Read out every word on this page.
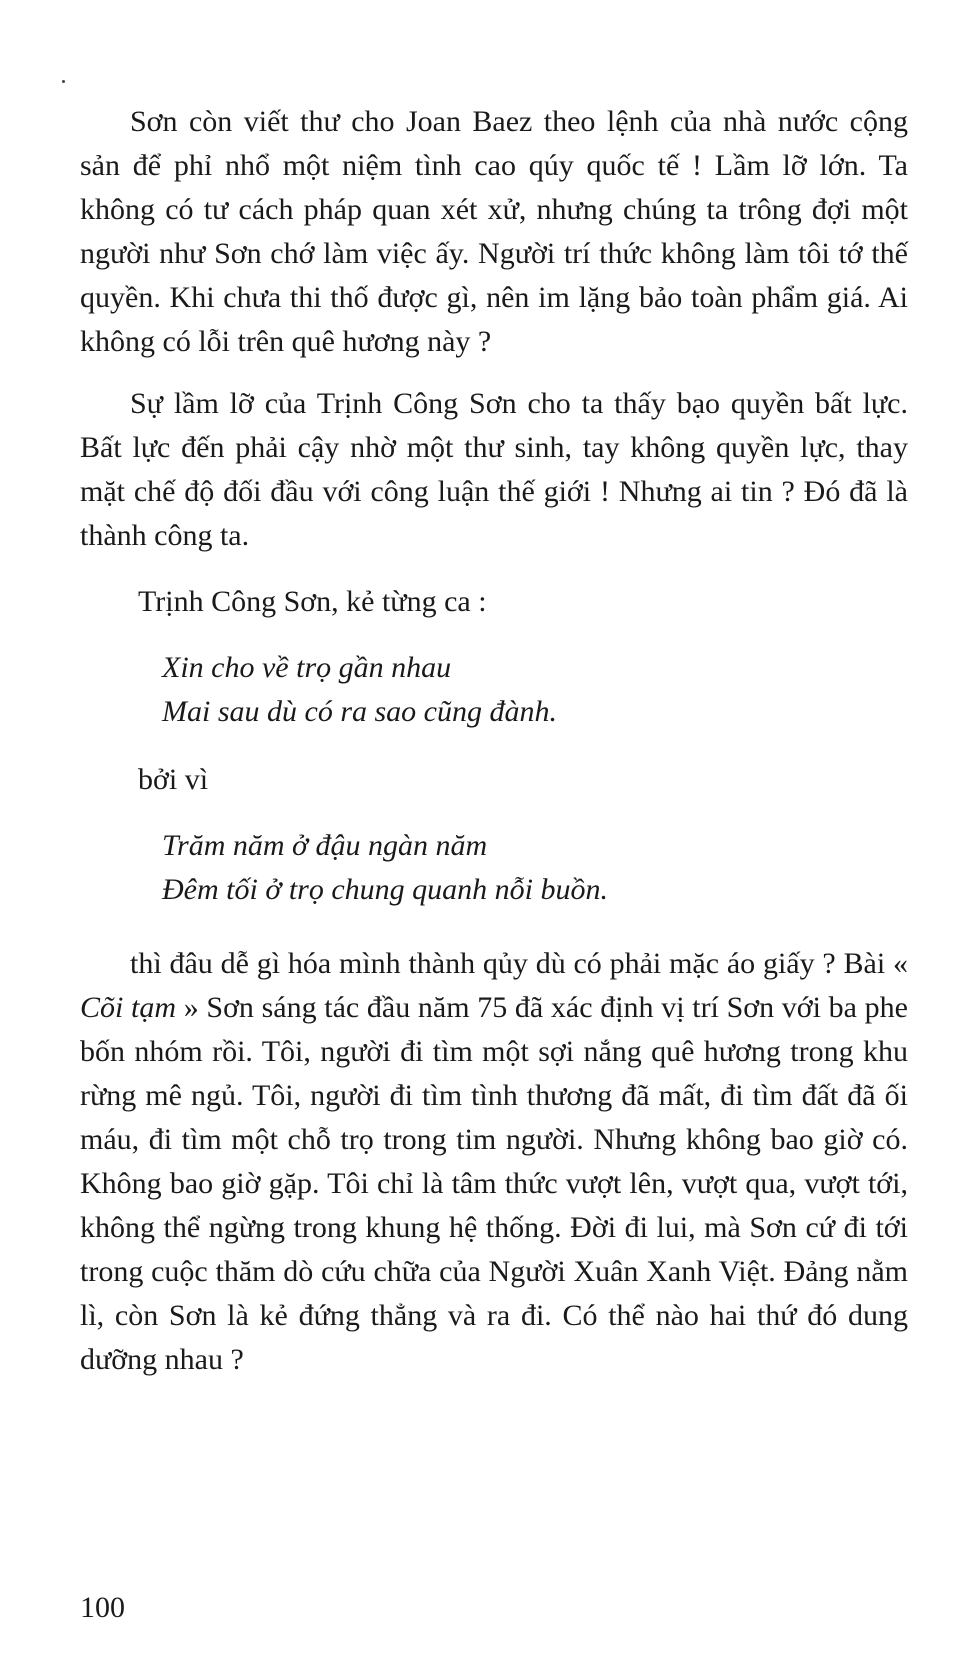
Sơn còn viết thư cho Joan Baez theo lệnh của nhà nước cộng sản để phỉ nhổ một niệm tình cao qúy quốc tế ! Lầm lỡ lớn. Ta không có tư cách pháp quan xét xử, nhưng chúng ta trông đợi một người như Sơn chớ làm việc ấy. Người trí thức không làm tôi tớ thế quyền. Khi chưa thi thố được gì, nên im lặng bảo toàn phẩm giá. Ai không có lỗi trên quê hương này ?

Sự lầm lỡ của Trịnh Công Sơn cho ta thấy bạo quyền bất lực. Bất lực đến phải cậy nhờ một thư sinh, tay không quyền lực, thay mặt chế độ đối đầu với công luận thế giới ! Nhưng ai tin ? Đó đã là thành công ta.

Trịnh Công Sơn, kẻ từng ca :
Xin cho về trọ gần nhau
Mai sau dù có ra sao cũng đành.
bởi vì
Trăm năm ở đậu ngàn năm
Đêm tối ở trọ chung quanh nỗi buồn.

thì đâu dễ gì hóa mình thành qủy dù có phải mặc áo giấy ? Bài « Cõi tạm » Sơn sáng tác đầu năm 75 đã xác định vị trí Sơn với ba phe bốn nhóm rồi. Tôi, người đi tìm một sợi nắng quê hương trong khu rừng mê ngủ. Tôi, người đi tìm tình thương đã mất, đi tìm đất đã ối máu, đi tìm một chỗ trọ trong tim người. Nhưng không bao giờ có. Không bao giờ gặp. Tôi chỉ là tâm thức vượt lên, vượt qua, vượt tới, không thể ngừng trong khung hệ thống. Đời đi lui, mà Sơn cứ đi tới trong cuộc thăm dò cứu chữa của Người Xuân Xanh Việt. Đảng nằm lì, còn Sơn là kẻ đứng thẳng và ra đi. Có thể nào hai thứ đó dung dưỡng nhau ?

100
